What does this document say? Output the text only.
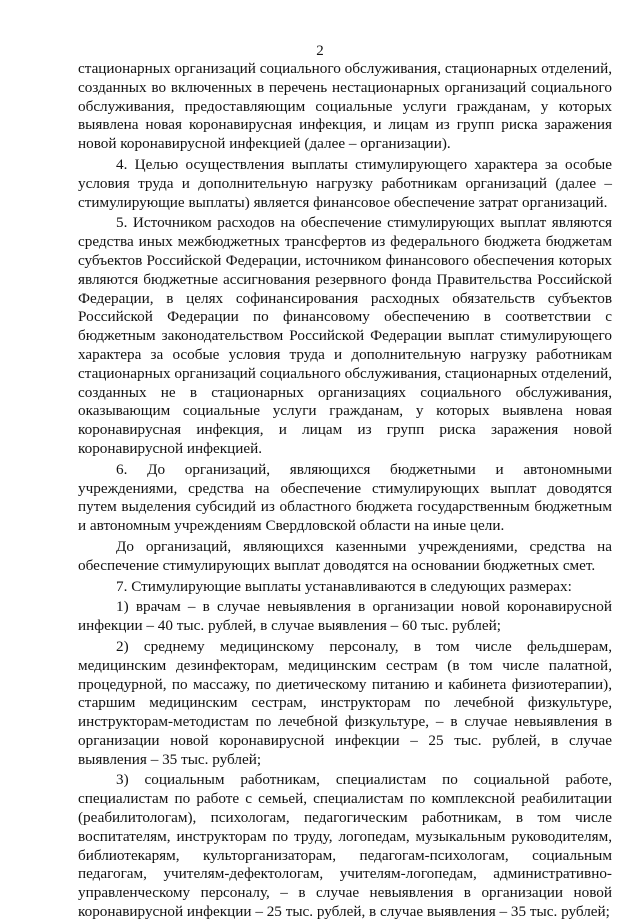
2

стационарных организаций социального обслуживания, стационарных отделений, созданных во включенных в перечень нестационарных организаций социального обслуживания, предоставляющим социальные услуги гражданам, у которых выявлена новая коронавирусная инфекция, и лицам из групп риска заражения новой коронавирусной инфекцией (далее – организации).

4. Целью осуществления выплаты стимулирующего характера за особые условия труда и дополнительную нагрузку работникам организаций (далее – стимулирующие выплаты) является финансовое обеспечение затрат организаций.

5. Источником расходов на обеспечение стимулирующих выплат являются средства иных межбюджетных трансфертов из федерального бюджета бюджетам субъектов Российской Федерации, источником финансового обеспечения которых являются бюджетные ассигнования резервного фонда Правительства Российской Федерации, в целях софинансирования расходных обязательств субъектов Российской Федерации по финансовому обеспечению в соответствии с бюджетным законодательством Российской Федерации выплат стимулирующего характера за особые условия труда и дополнительную нагрузку работникам стационарных организаций социального обслуживания, стационарных отделений, созданных не в стационарных организациях социального обслуживания, оказывающим социальные услуги гражданам, у которых выявлена новая коронавирусная инфекция, и лицам из групп риска заражения новой коронавирусной инфекцией.

6. До организаций, являющихся бюджетными и автономными учреждениями, средства на обеспечение стимулирующих выплат доводятся путем выделения субсидий из областного бюджета государственным бюджетным и автономным учреждениям Свердловской области на иные цели.

До организаций, являющихся казенными учреждениями, средства на обеспечение стимулирующих выплат доводятся на основании бюджетных смет.

7. Стимулирующие выплаты устанавливаются в следующих размерах:

1) врачам – в случае невыявления в организации новой коронавирусной инфекции – 40 тыс. рублей, в случае выявления – 60 тыс. рублей;

2) среднему медицинскому персоналу, в том числе фельдшерам, медицинским дезинфекторам, медицинским сестрам (в том числе палатной, процедурной, по массажу, по диетическому питанию и кабинета физиотерапии), старшим медицинским сестрам, инструкторам по лечебной физкультуре, инструкторам-методистам по лечебной физкультуре, – в случае невыявления в организации новой коронавирусной инфекции – 25 тыс. рублей, в случае выявления – 35 тыс. рублей;

3) социальным работникам, специалистам по социальной работе, специалистам по работе с семьей, специалистам по комплексной реабилитации (реабилитологам), психологам, педагогическим работникам, в том числе воспитателям, инструкторам по труду, логопедам, музыкальным руководителям, библиотекарям, культорганизаторам, педагогам-психологам, социальным педагогам, учителям-дефектологам, учителям-логопедам, административно-управленческому персоналу, – в случае невыявления в организации новой коронавирусной инфекции – 25 тыс. рублей, в случае выявления – 35 тыс. рублей;
